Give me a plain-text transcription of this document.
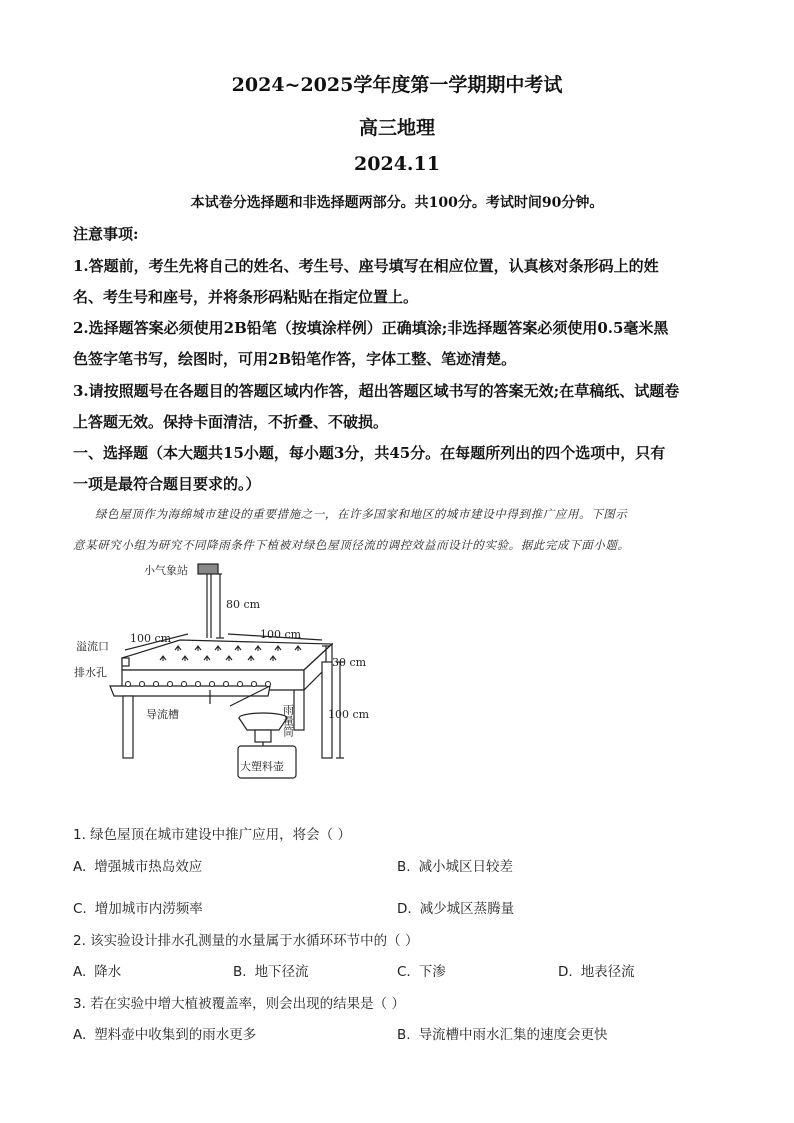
2024~2025学年度第一学期期中考试
高三地理
2024.11
本试卷分选择题和非选择题两部分。共100分。考试时间90分钟。
注意事项:
1.答题前，考生先将自己的姓名、考生号、座号填写在相应位置，认真核对条形码上的姓
名、考生号和座号，并将条形码粘贴在指定位置上。
2.选择题答案必须使用2B铅笔（按填涂样例）正确填涂;非选择题答案必须使用0.5毫米黑
色签字笔书写，绘图时，可用2B铅笔作答，字体工整、笔迹清楚。
3.请按照题号在各题目的答题区域内作答，超出答题区域书写的答案无效;在草稿纸、试题卷
上答题无效。保持卡面清洁，不折叠、不破损。
一、选择题（本大题共15小题，每小题3分，共45分。在每题所列出的四个选项中，只有
一项是最符合题目要求的。）
绿色屋顶作为海绵城市建设的重要措施之一，在许多国家和地区的城市建设中得到推广应用。下图示
意某研究小组为研究不同降雨条件下植被对绿色屋顶径流的调控效益而设计的实验。据此完成下面小题。
小气象站
80 cm
溢流口
100 cm	100 cm
排水孔
30 cm
导流槽	100 cm
大塑料壶
雨量筒
1. 绿色屋顶在城市建设中推广应用，将会（ ）
A. 增强城市热岛效应	B. 减小城区日较差
C. 增加城市内涝频率	D. 减少城区蒸腾量
2. 该实验设计排水孔测量的水量属于水循环环节中的（ ）
A. 降水	B. 地下径流	C. 下渗	D. 地表径流
3. 若在实验中增大植被覆盖率，则会出现的结果是（ ）
A. 塑料壶中收集到的雨水更多	B. 导流槽中雨水汇集的速度会更快
